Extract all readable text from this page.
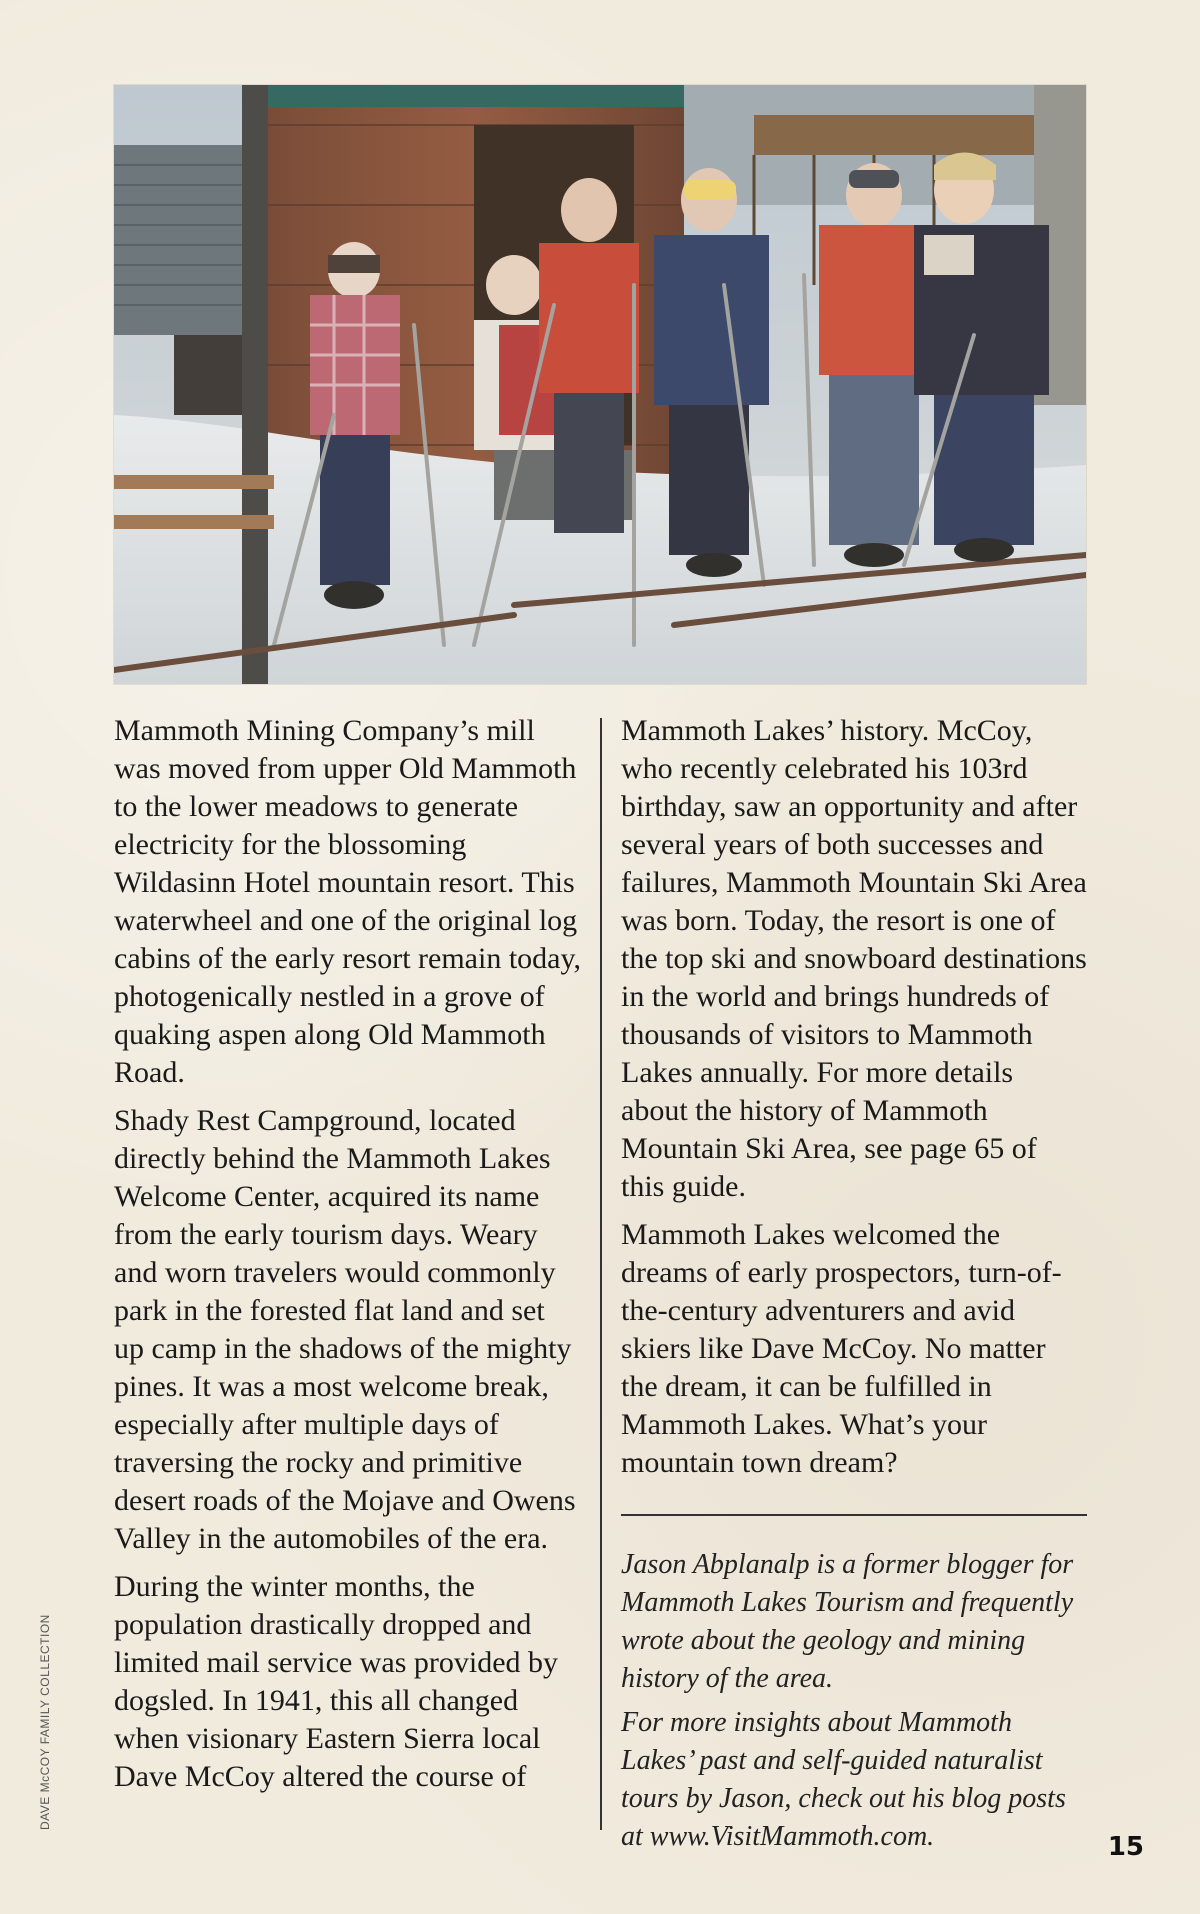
DAVE McCOY FAMILY COLLECTION

Mammoth Mining Company’s mill was moved from upper Old Mammoth to the lower meadows to generate electricity for the blossoming Wildasinn Hotel mountain resort. This waterwheel and one of the original log cabins of the early resort remain today, photogenically nestled in a grove of quaking aspen along Old Mammoth Road.

Shady Rest Campground, located directly behind the Mammoth Lakes Welcome Center, acquired its name from the early tourism days. Weary and worn travelers would commonly park in the forested flat land and set up camp in the shadows of the mighty pines. It was a most welcome break, especially after multiple days of traversing the rocky and primitive desert roads of the Mojave and Owens Valley in the automobiles of the era.

During the winter months, the population drastically dropped and limited mail service was provided by dogsled. In 1941, this all changed when visionary Eastern Sierra local Dave McCoy altered the course of

Mammoth Lakes’ history. McCoy, who recently celebrated his 103rd birthday, saw an opportunity and after several years of both successes and failures, Mammoth Mountain Ski Area was born. Today, the resort is one of the top ski and snowboard destinations in the world and brings hundreds of thousands of visitors to Mammoth Lakes annually. For more details about the history of Mammoth Mountain Ski Area, see page 65 of this guide.

Mammoth Lakes welcomed the dreams of early prospectors, turn-of-the-century adventurers and avid skiers like Dave McCoy. No matter the dream, it can be fulfilled in Mammoth Lakes. What’s your mountain town dream?

Jason Abplanalp is a former blogger for Mammoth Lakes Tourism and frequently wrote about the geology and mining history of the area.

For more insights about Mammoth Lakes’ past and self-guided naturalist tours by Jason, check out his blog posts at www.VisitMammoth.com.	15
